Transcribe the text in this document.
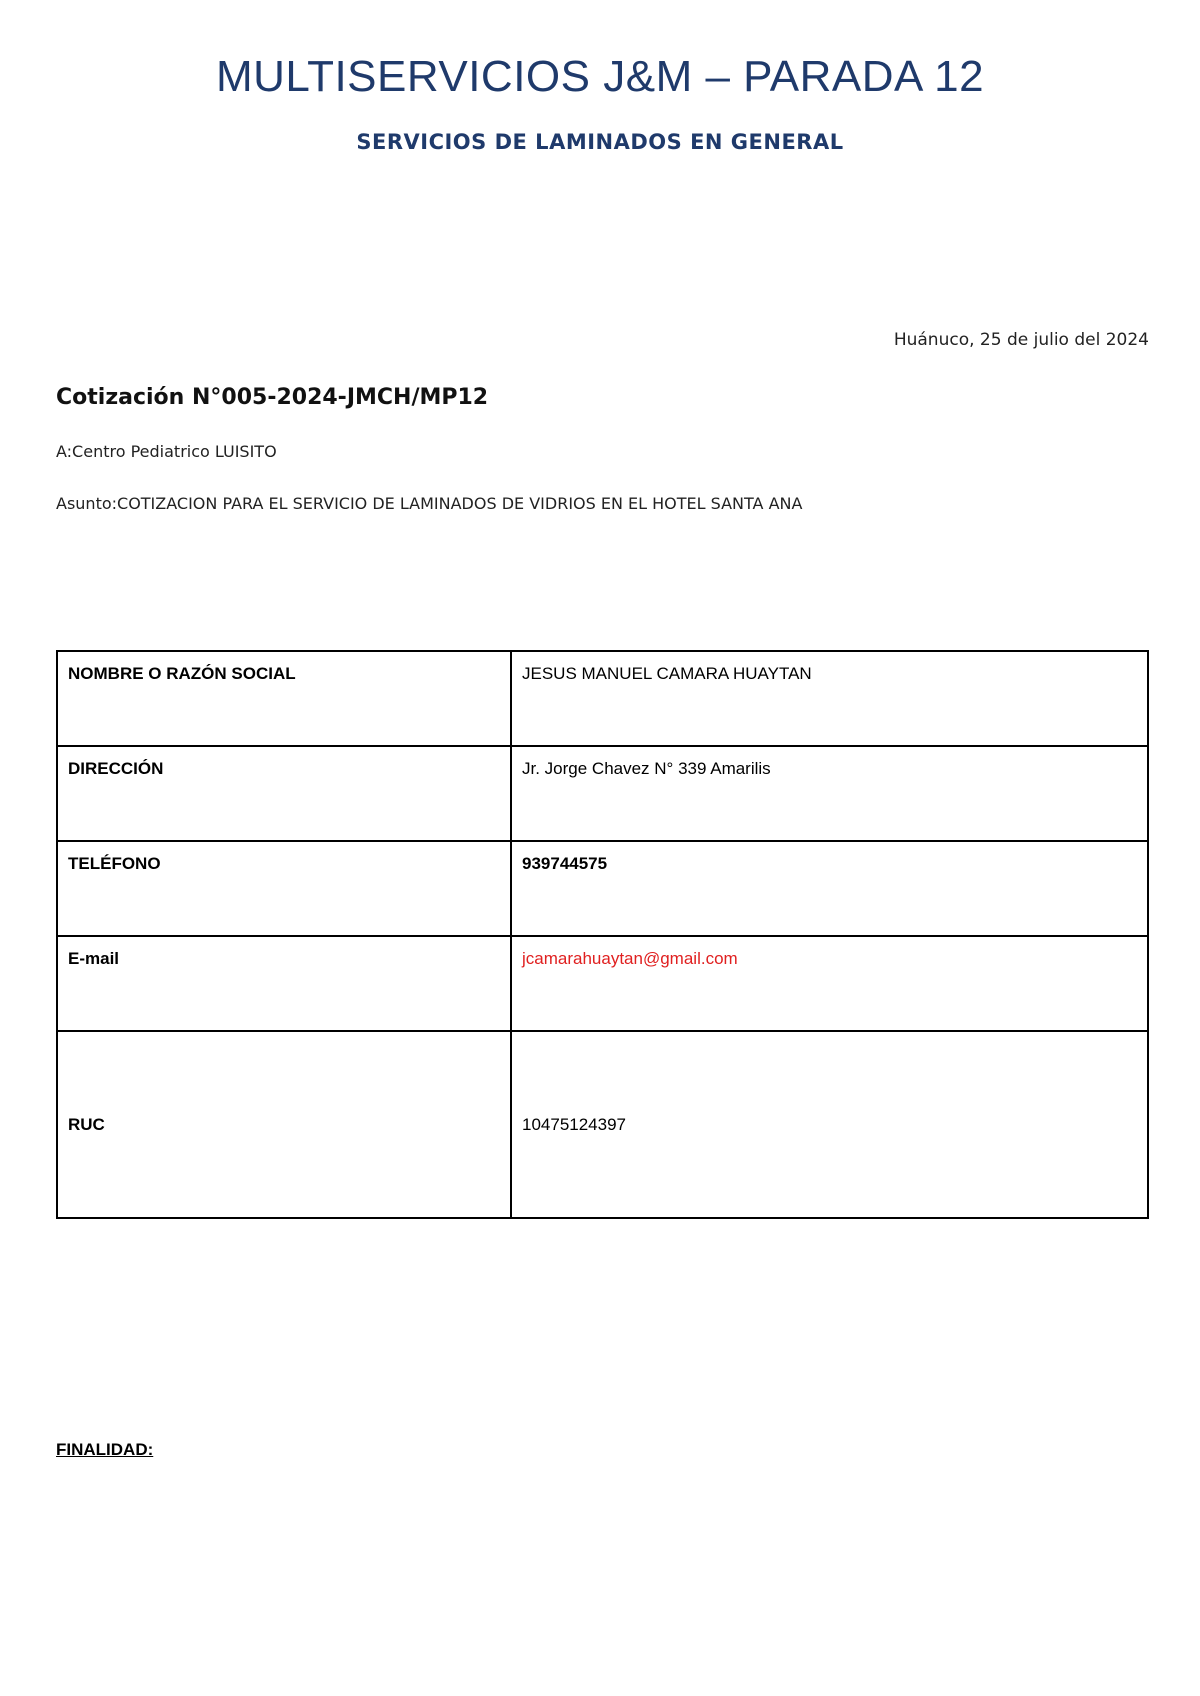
MULTISERVICIOS J&M – PARADA 12
SERVICIOS DE LAMINADOS EN GENERAL
Huánuco, 25 de julio del 2024
Cotización N°005-2024-JMCH/MP12
A:Centro Pediatrico LUISITO
Asunto:COTIZACION PARA EL SERVICIO DE LAMINADOS DE VIDRIOS EN EL HOTEL SANTA ANA
NOMBRE O RAZÓN SOCIAL	JESUS MANUEL CAMARA HUAYTAN
DIRECCIÓN	Jr. Jorge Chavez N° 339 Amarilis
TELÉFONO	939744575
E-mail	jcamarahuaytan@gmail.com
RUC	10475124397
FINALIDAD:
